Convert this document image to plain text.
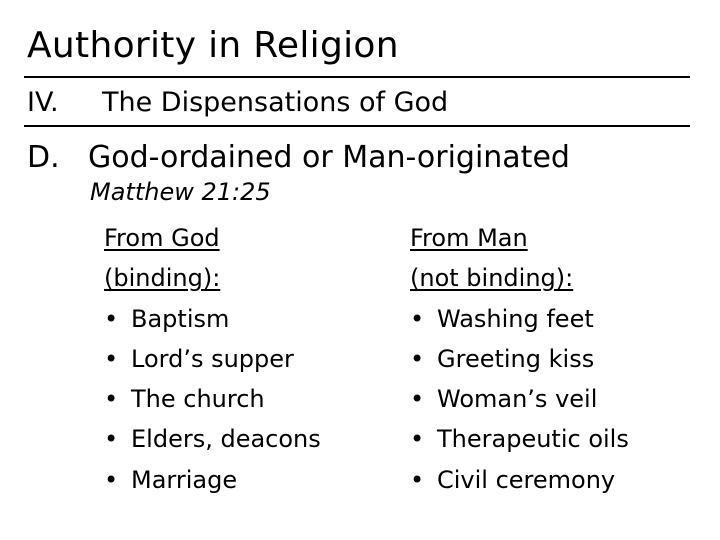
Authority in Religion
IV. The Dispensations of God
D. God-ordained or Man-originated
Matthew 21:25
From God
(binding):
• Baptism
• Lord’s supper
• The church
• Elders, deacons
• Marriage
From Man
(not binding):
• Washing feet
• Greeting kiss
• Woman’s veil
• Therapeutic oils
• Civil ceremony
